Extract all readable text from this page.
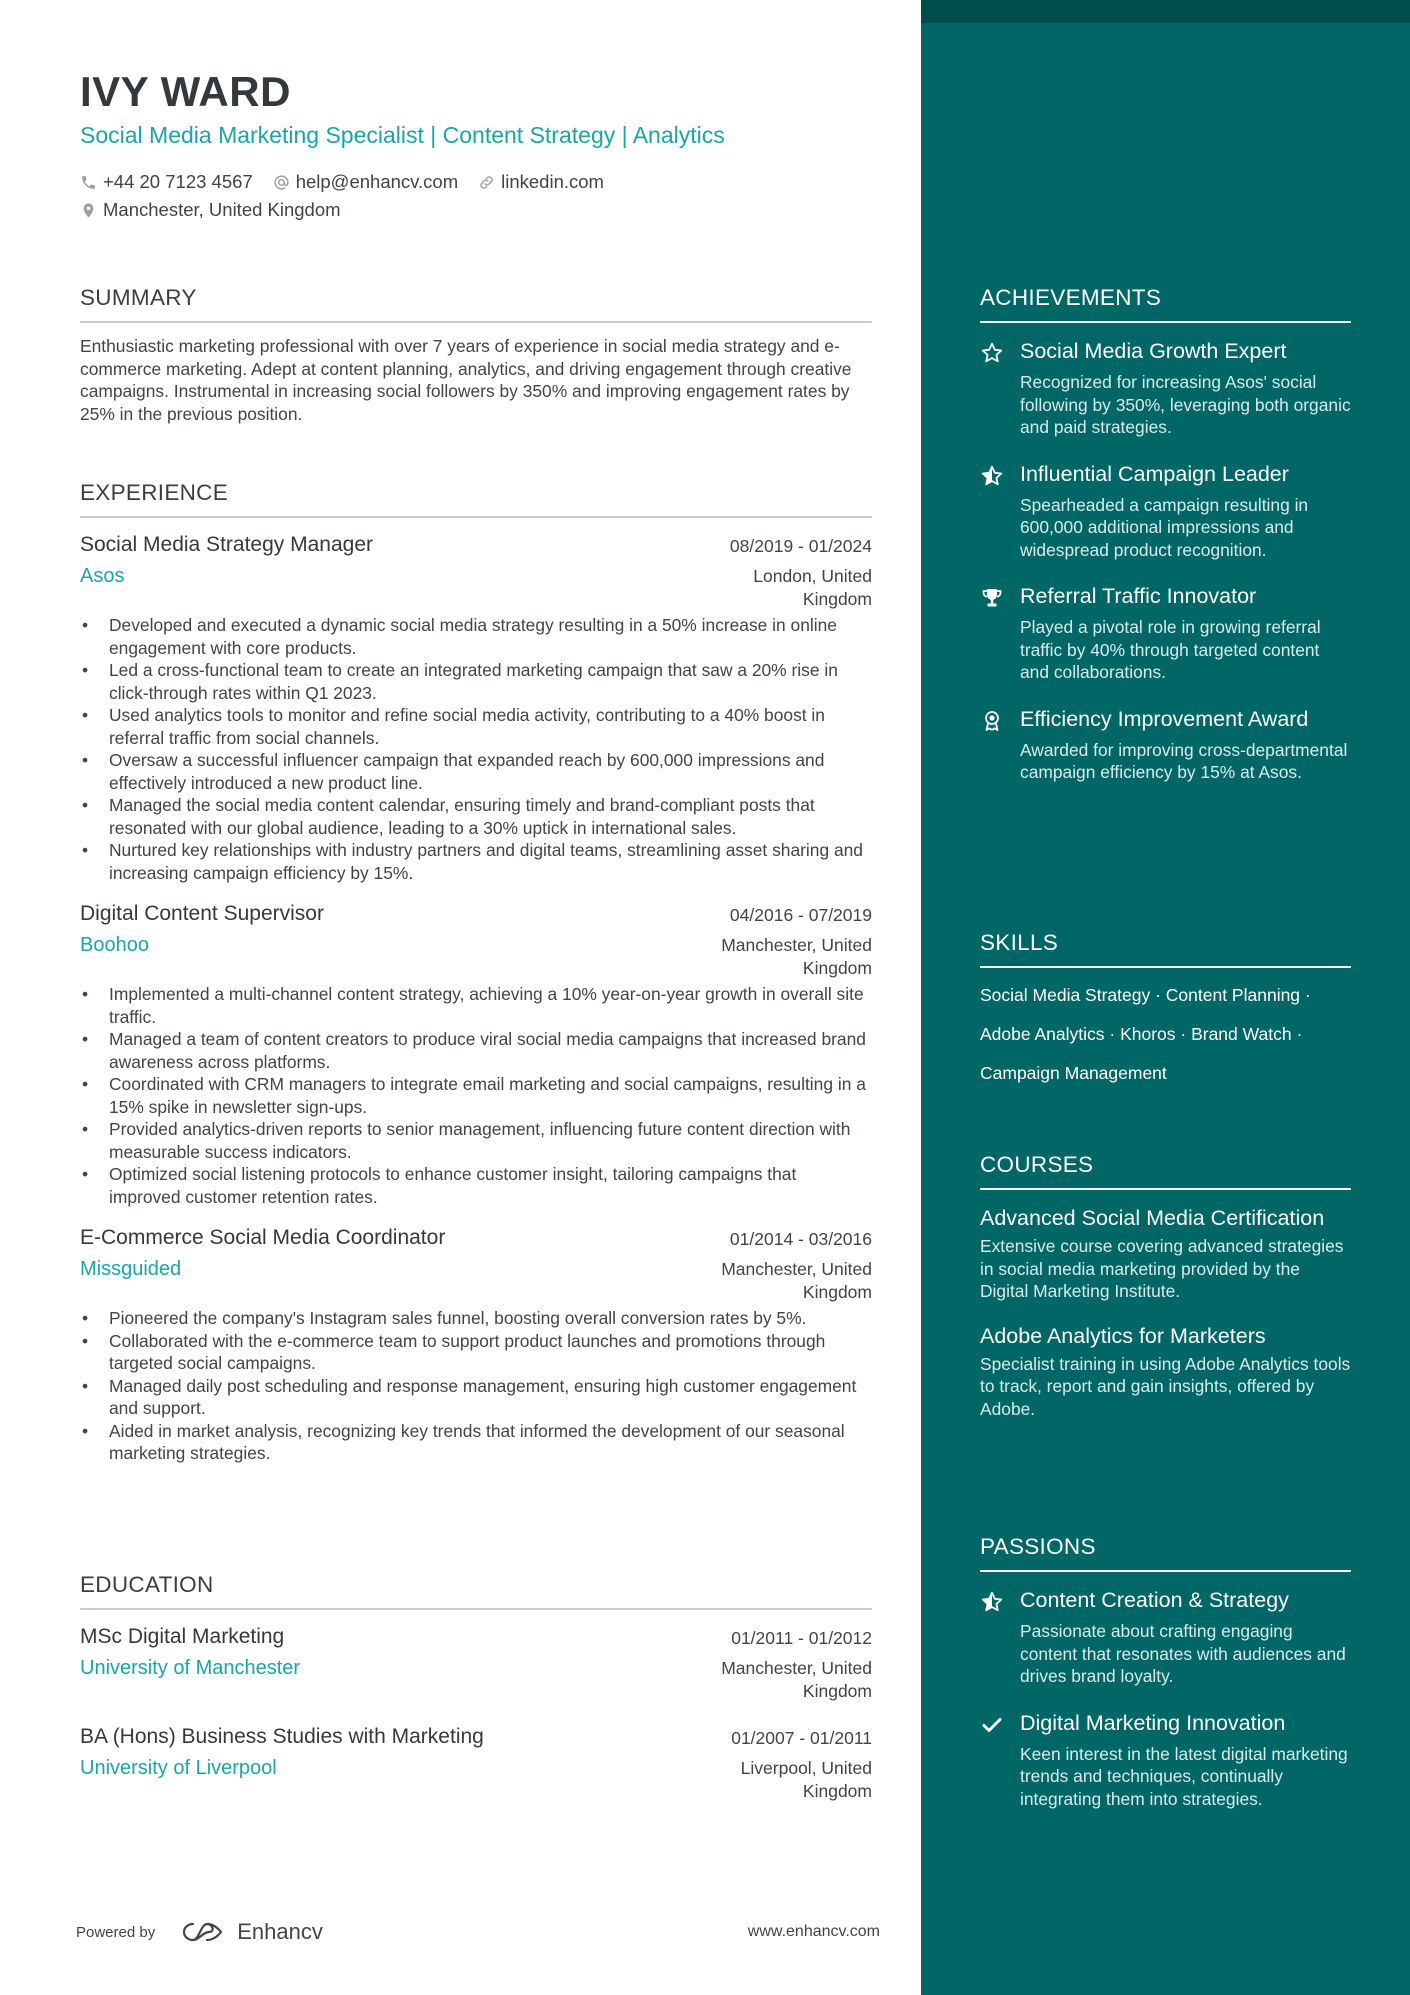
IVY WARD
Social Media Marketing Specialist | Content Strategy | Analytics
+44 20 7123 4567 help@enhancv.com linkedin.com
Manchester, United Kingdom
SUMMARY
Enthusiastic marketing professional with over 7 years of experience in social media strategy and e-commerce marketing. Adept at content planning, analytics, and driving engagement through creative campaigns. Instrumental in increasing social followers by 350% and improving engagement rates by 25% in the previous position.
EXPERIENCE
Social Media Strategy Manager	08/2019 - 01/2024
Asos	London, United Kingdom
• Developed and executed a dynamic social media strategy resulting in a 50% increase in online engagement with core products.
• Led a cross-functional team to create an integrated marketing campaign that saw a 20% rise in click-through rates within Q1 2023.
• Used analytics tools to monitor and refine social media activity, contributing to a 40% boost in referral traffic from social channels.
• Oversaw a successful influencer campaign that expanded reach by 600,000 impressions and effectively introduced a new product line.
• Managed the social media content calendar, ensuring timely and brand-compliant posts that resonated with our global audience, leading to a 30% uptick in international sales.
• Nurtured key relationships with industry partners and digital teams, streamlining asset sharing and increasing campaign efficiency by 15%.
Digital Content Supervisor	04/2016 - 07/2019
Boohoo	Manchester, United Kingdom
• Implemented a multi-channel content strategy, achieving a 10% year-on-year growth in overall site traffic.
• Managed a team of content creators to produce viral social media campaigns that increased brand awareness across platforms.
• Coordinated with CRM managers to integrate email marketing and social campaigns, resulting in a 15% spike in newsletter sign-ups.
• Provided analytics-driven reports to senior management, influencing future content direction with measurable success indicators.
• Optimized social listening protocols to enhance customer insight, tailoring campaigns that improved customer retention rates.
E-Commerce Social Media Coordinator	01/2014 - 03/2016
Missguided	Manchester, United Kingdom
• Pioneered the company's Instagram sales funnel, boosting overall conversion rates by 5%.
• Collaborated with the e-commerce team to support product launches and promotions through targeted social campaigns.
• Managed daily post scheduling and response management, ensuring high customer engagement and support.
• Aided in market analysis, recognizing key trends that informed the development of our seasonal marketing strategies.
EDUCATION
MSc Digital Marketing	01/2011 - 01/2012
University of Manchester	Manchester, United Kingdom
BA (Hons) Business Studies with Marketing	01/2007 - 01/2011
University of Liverpool	Liverpool, United Kingdom
Powered by	Enhancv	www.enhancv.com
ACHIEVEMENTS
Social Media Growth Expert
Recognized for increasing Asos' social following by 350%, leveraging both organic and paid strategies.
Influential Campaign Leader
Spearheaded a campaign resulting in 600,000 additional impressions and widespread product recognition.
Referral Traffic Innovator
Played a pivotal role in growing referral traffic by 40% through targeted content and collaborations.
Efficiency Improvement Award
Awarded for improving cross-departmental campaign efficiency by 15% at Asos.
SKILLS
Social Media Strategy · Content Planning ·
Adobe Analytics · Khoros · Brand Watch ·
Campaign Management
COURSES
Advanced Social Media Certification
Extensive course covering advanced strategies in social media marketing provided by the Digital Marketing Institute.
Adobe Analytics for Marketers
Specialist training in using Adobe Analytics tools to track, report and gain insights, offered by Adobe.
PASSIONS
Content Creation & Strategy
Passionate about crafting engaging content that resonates with audiences and drives brand loyalty.
Digital Marketing Innovation
Keen interest in the latest digital marketing trends and techniques, continually integrating them into strategies.
